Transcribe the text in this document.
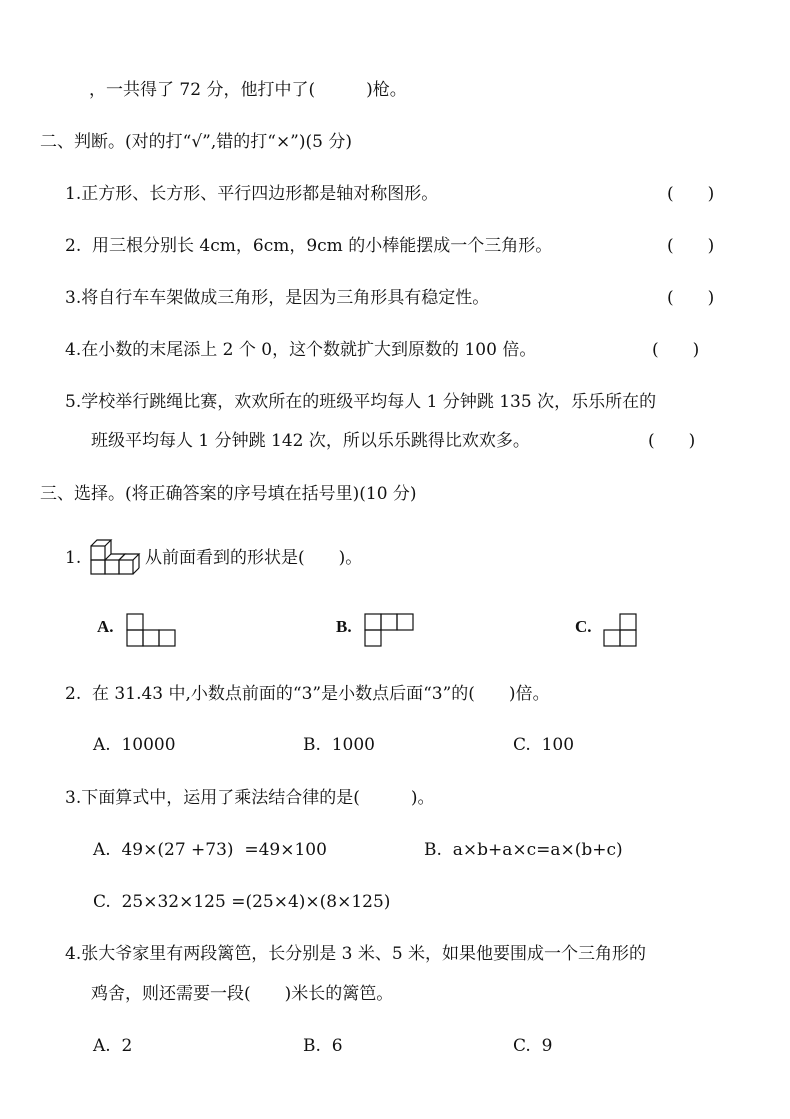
，一共得了 72 分，他打中了(　　　)枪。
二、判断。(对的打“√”,错的打“×”)(5 分)
1.正方形、长方形、平行四边形都是轴对称图形。	(　　)
2.  用三根分别长 4cm，6cm，9cm 的小棒能摆成一个三角形。	(　　)
3.将自行车车架做成三角形，是因为三角形具有稳定性。	(　　)
4.在小数的末尾添上 2 个 0，这个数就扩大到原数的 100 倍。	(　　)
5.学校举行跳绳比赛，欢欢所在的班级平均每人 1 分钟跳 135 次，乐乐所在的
班级平均每人 1 分钟跳 142 次，所以乐乐跳得比欢欢多。	(　　)
三、选择。(将正确答案的序号填在括号里)(10 分)
1.	从前面看到的形状是(　　)。
A.	B.	C.
2.  在 31.43 中,小数点前面的“3”是小数点后面“3”的(　　)倍。
A.  10000	B.  1000	C.  100
3.下面算式中，运用了乘法结合律的是(　　　)。
A.  49×(27 +73)  =49×100	B.  a×b+a×c=a×(b+c)
C.  25×32×125 =(25×4)×(8×125)
4.张大爷家里有两段篱笆，长分别是 3 米、5 米，如果他要围成一个三角形的
鸡舍，则还需要一段(　　)米长的篱笆。
A.  2	B.  6	C.  9
